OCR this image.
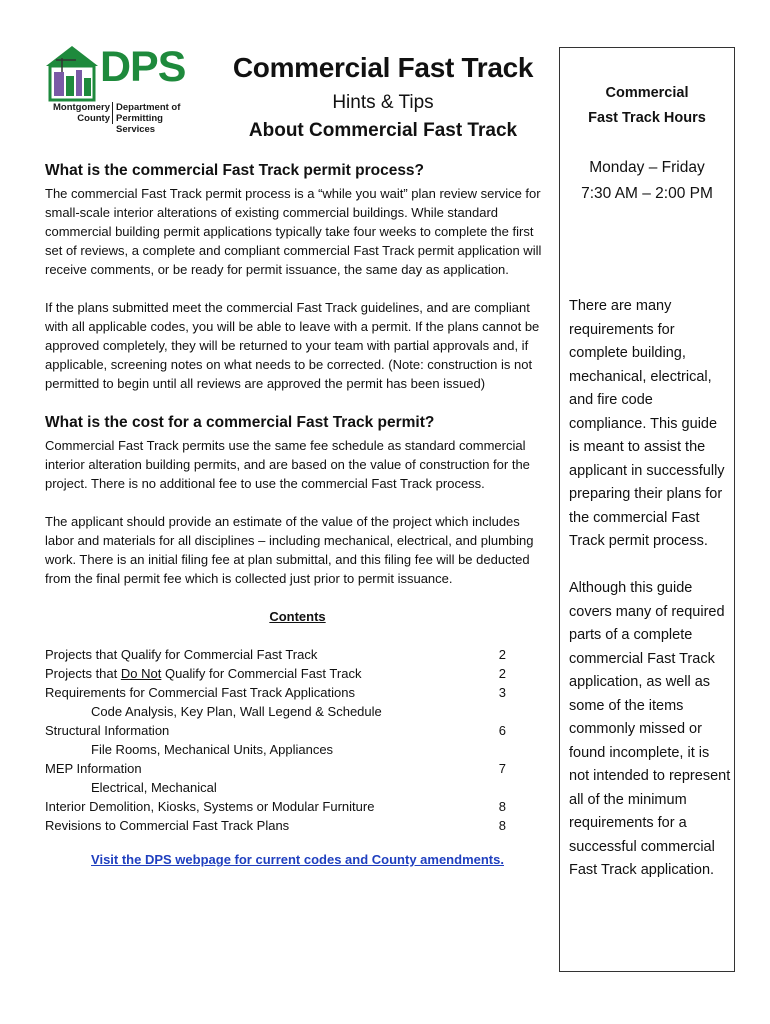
DPS
Montgomery
County
Department of
Permitting Services
Commercial Fast Track
Hints & Tips
About Commercial Fast Track
What is the commercial Fast Track permit process?

The commercial Fast Track permit process is a “while you wait” plan review service for small-scale interior alterations of existing commercial buildings. While standard commercial building permit applications typically take four weeks to complete the first set of reviews, a complete and compliant commercial Fast Track permit application will receive comments, or be ready for permit issuance, the same day as application.

If the plans submitted meet the commercial Fast Track guidelines, and are compliant with all applicable codes, you will be able to leave with a permit. If the plans cannot be approved completely, they will be returned to your team with partial approvals and, if applicable, screening notes on what needs to be corrected. (Note: construction is not permitted to begin until all reviews are approved the permit has been issued)

What is the cost for a commercial Fast Track permit?

Commercial Fast Track permits use the same fee schedule as standard commercial interior alteration building permits, and are based on the value of construction for the project. There is no additional fee to use the commercial Fast Track process.

The applicant should provide an estimate of the value of the project which includes labor and materials for all disciplines – including mechanical, electrical, and plumbing work. There is an initial filing fee at plan submittal, and this filing fee will be deducted from the final permit fee which is collected just prior to permit issuance.

Contents
Projects that Qualify for Commercial Fast Track	2
Projects that Do Not Qualify for Commercial Fast Track	2
Requirements for Commercial Fast Track Applications	3
Code Analysis, Key Plan, Wall Legend & Schedule
Structural Information	6
File Rooms, Mechanical Units, Appliances
MEP Information	7
Electrical, Mechanical
Interior Demolition, Kiosks, Systems or Modular Furniture	8
Revisions to Commercial Fast Track Plans	8
Visit the DPS webpage for current codes and County amendments.
Commercial
Fast Track Hours
Monday – Friday
7:30 AM – 2:00 PM

There are many requirements for complete building, mechanical, electrical, and fire code compliance. This guide is meant to assist the applicant in successfully preparing their plans for the commercial Fast Track permit process.

Although this guide covers many of required parts of a complete commercial Fast Track application, as well as some of the items commonly missed or found incomplete, it is not intended to represent all of the minimum requirements for a successful commercial Fast Track application.
